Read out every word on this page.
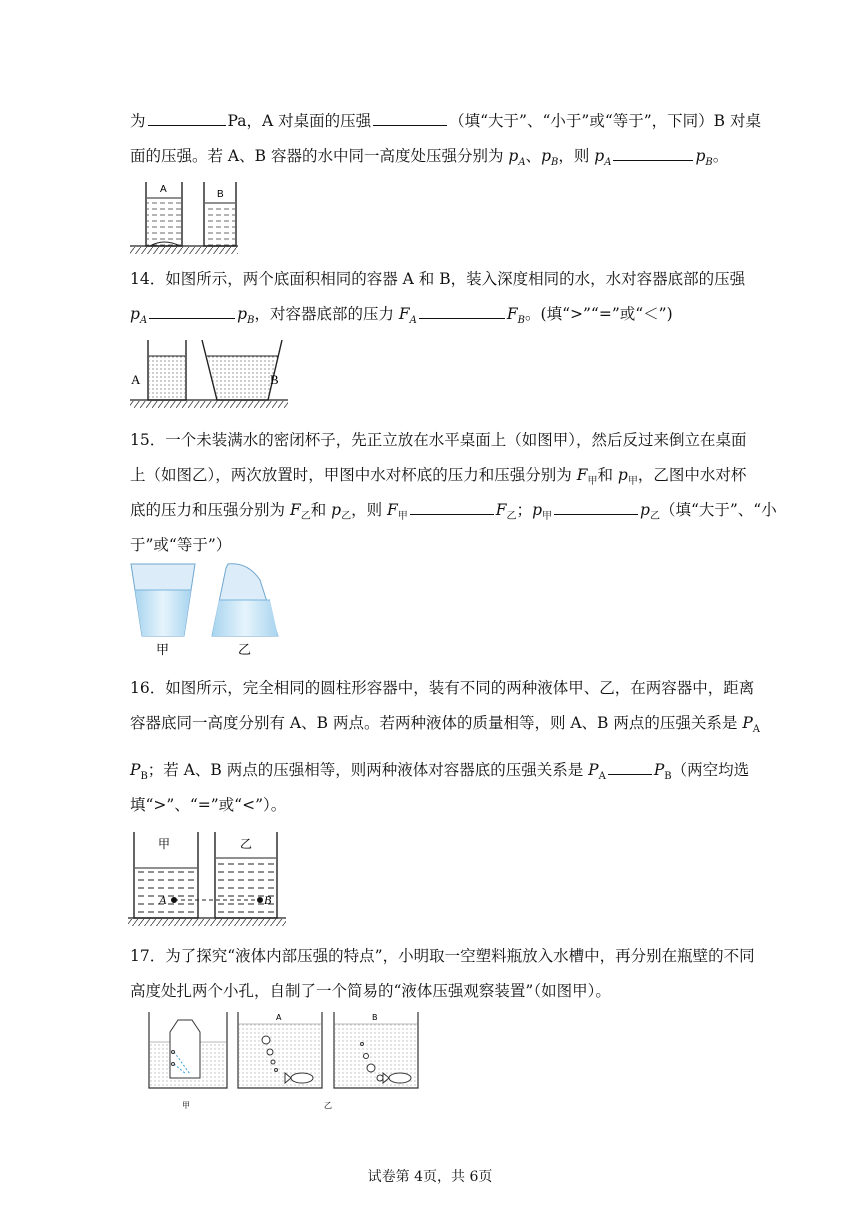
为	Pa，A 对桌面的压强	（填“大于”、“小于”或“等于”，下同）B 对桌
面的压强。若 A、B 容器的水中同一高度处压强分别为 $p_A$、$p_B$，则 $p_A$	$p_B$。
A	B
14．如图所示，两个底面积相同的容器 A 和 B，装入深度相同的水，水对容器底部的压强
$p_A$	$p_B$，对容器底部的压力 $F_A$	$F_B$。(填“>”“=”或“＜”)
A	B
15．一个未装满水的密闭杯子，先正立放在水平桌面上（如图甲），然后反过来倒立在桌面
上（如图乙），两次放置时，甲图中水对杯底的压力和压强分别为 $F_甲$和 $p_甲$，乙图中水对杯
底的压力和压强分别为 $F_乙$和 $p_乙$，则 $F_甲$	$F_乙$；$p_甲$	$p_乙$（填“大于”、“小
于”或“等于”）
甲	乙
16．如图所示，完全相同的圆柱形容器中，装有不同的两种液体甲、乙，在两容器中，距离
容器底同一高度分别有 A、B 两点。若两种液体的质量相等，则 A、B 两点的压强关系是 $P_A$
$P_B$；若 A、B 两点的压强相等，则两种液体对容器底的压强关系是 $P_A$	$P_B$（两空均选
填“>”、“=”或“<”）。
A	B
甲	乙
17．为了探究“液体内部压强的特点”，小明取一空塑料瓶放入水槽中，再分别在瓶壁的不同
高度处扎两个小孔，自制了一个简易的“液体压强观察装置”（如图甲）。
甲
A	B
乙
试卷第 4页，共 6页
